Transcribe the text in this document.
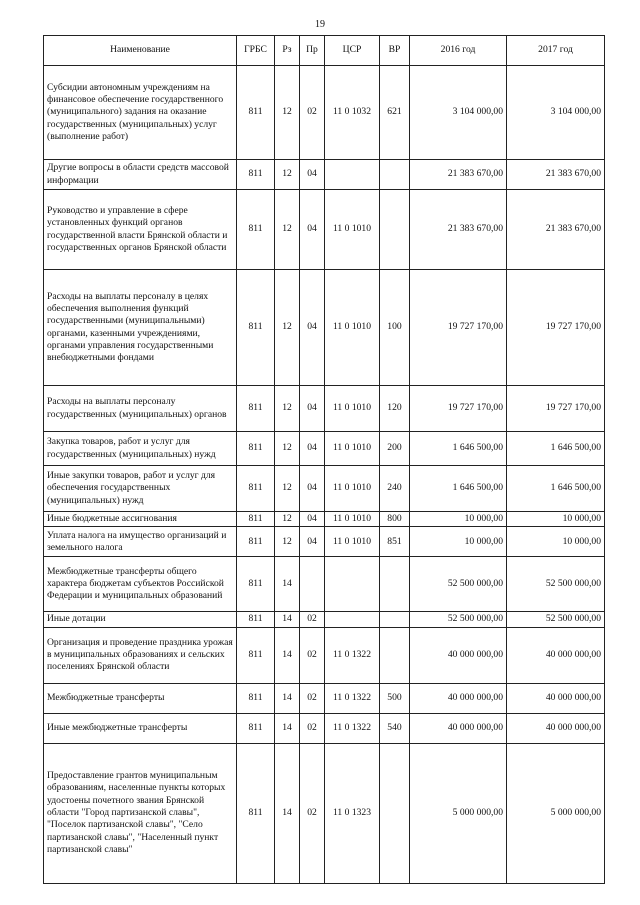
19
Наименование	ГРБС	Рз	Пр	ЦСР	ВР	2016 год	2017 год
Субсидии автономным учреждениям на финансовое обеспечение государственного (муниципального) задания на оказание государственных (муниципальных) услуг (выполнение работ)	811	12	02	11 0 1032	621	3 104 000,00	3 104 000,00
Другие вопросы в области средств массовой информации	811	12	04			21 383 670,00	21 383 670,00
Руководство и управление в сфере установленных функций органов государственной власти Брянской области и государственных органов Брянской области	811	12	04	11 0 1010		21 383 670,00	21 383 670,00
Расходы на выплаты персоналу в целях обеспечения выполнения функций государственными (муниципальными) органами, казенными учреждениями, органами управления государственными внебюджетными фондами	811	12	04	11 0 1010	100	19 727 170,00	19 727 170,00
Расходы на выплаты персоналу государственных (муниципальных) органов	811	12	04	11 0 1010	120	19 727 170,00	19 727 170,00
Закупка товаров, работ и услуг для государственных (муниципальных) нужд	811	12	04	11 0 1010	200	1 646 500,00	1 646 500,00
Иные закупки товаров, работ и услуг для обеспечения государственных (муниципальных) нужд	811	12	04	11 0 1010	240	1 646 500,00	1 646 500,00
Иные бюджетные ассигнования	811	12	04	11 0 1010	800	10 000,00	10 000,00
Уплата налога на имущество организаций и земельного налога	811	12	04	11 0 1010	851	10 000,00	10 000,00
Межбюджетные трансферты общего характера бюджетам субъектов Российской Федерации и муниципальных образований	811	14				52 500 000,00	52 500 000,00
Иные дотации	811	14	02			52 500 000,00	52 500 000,00
Организация и проведение праздника урожая в муниципальных образованиях и сельских поселениях Брянской области	811	14	02	11 0 1322		40 000 000,00	40 000 000,00
Межбюджетные трансферты	811	14	02	11 0 1322	500	40 000 000,00	40 000 000,00
Иные межбюджетные трансферты	811	14	02	11 0 1322	540	40 000 000,00	40 000 000,00
Предоставление грантов муниципальным образованиям, населенные пункты которых удостоены почетного звания Брянской области "Город партизанской славы", "Поселок партизанской славы", "Село партизанской славы", "Населенный пункт партизанской славы"	811	14	02	11 0 1323		5 000 000,00	5 000 000,00
